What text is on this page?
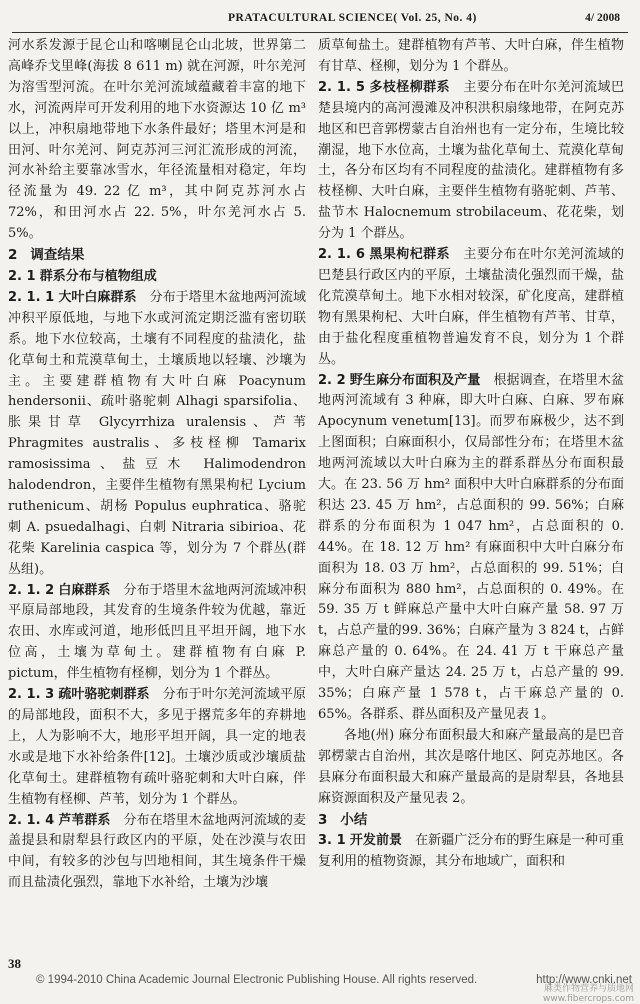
PRATACULTURAL SCIENCE( Vol. 25, No. 4)	4/ 2008

河水系发源于昆仑山和喀喇昆仑山北坡，世界第二高峰乔戈里峰(海拔 8 611 m) 就在河源，叶尔羌河为溶雪型河流。在叶尔羌河流域蕴藏着丰富的地下水，河流两岸可开发利用的地下水资源达 10 亿 m³ 以上，冲积扇地带地下水条件最好；塔里木河是和田河、叶尔羌河、阿克苏河三河汇流形成的河流，河水补给主要靠冰雪水，年径流量相对稳定，年均径流量为 49. 22 亿 m³，其中阿克苏河水占 72%，和田河水占 22. 5%，叶尔羌河水占 5. 5%。

2  调查结果

2. 1 群系分布与植物组成 

2. 1. 1 大叶白麻群系  分布于塔里木盆地两河流域冲积平原低地，与地下水或河流定期泛滥有密切联系。地下水位较高，土壤有不同程度的盐渍化，盐化草甸土和荒漠草甸土，土壤质地以轻壤、沙壤为主。主要建群植物有大叶白麻 Poacynum hendersonii、疏叶骆驼刺 Alhagi sparsifolia、胀果甘草 Glycyrrhiza uralensis、芦苇 Phragmites australis、多枝柽柳 Tamarix ramosissima、盐豆木 Halimodendron halodendron，主要伴生植物有黑果枸杞 Lycium ruthenicum、胡杨 Populus euphratica、骆驼刺 A. psuedalhagi、白刺 Nitraria sibirioa、花花柴 Karelinia caspica 等，划分为 7 个群丛(群丛组)。

2. 1. 2 白麻群系  分布于塔里木盆地两河流域冲积平原局部地段，其发育的生境条件较为优越，靠近农田、水库或河道，地形低凹且平坦开阔，地下水位高，土壤为草甸土。建群植物有白麻 P. pictum，伴生植物有柽柳，划分为 1 个群丛。

2. 1. 3 疏叶骆驼刺群系  分布于叶尔羌河流域平原的局部地段，面积不大，多见于撂荒多年的弃耕地上，人为影响不大，地形平坦开阔，具一定的地表水或是地下水补给条件[12]。土壤沙质或沙壤质盐化草甸土。建群植物有疏叶骆驼刺和大叶白麻，伴生植物有柽柳、芦苇，划分为 1 个群丛。

2. 1. 4 芦苇群系  分布在塔里木盆地两河流域的麦盖提县和尉犁县行政区内的平原，处在沙漠与农田中间，有较多的沙包与凹地相间，其生境条件干燥而且盐渍化强烈，靠地下水补给，土壤为沙壤

质草甸盐土。建群植物有芦苇、大叶白麻，伴生植物有甘草、柽柳，划分为 1 个群丛。

2. 1. 5 多枝柽柳群系  主要分布在叶尔羌河流域巴楚县境内的高河漫滩及冲积洪积扇缘地带，在阿克苏地区和巴音郭楞蒙古自治州也有一定分布，生境比较潮湿，地下水位高，土壤为盐化草甸土、荒漠化草甸土，各分布区均有不同程度的盐渍化。建群植物有多枝柽柳、大叶白麻，主要伴生植物有骆驼刺、芦苇、盐节木 Halocnemum strobilaceum、花花柴，划分为 1 个群丛。

2. 1. 6 黑果枸杞群系  主要分布在叶尔羌河流域的巴楚县行政区内的平原，土壤盐渍化强烈而干燥，盐化荒漠草甸土。地下水相对较深，矿化度高，建群植物有黑果枸杞、大叶白麻，伴生植物有芦苇、甘草，由于盐化程度重植物普遍发育不良，划分为 1 个群丛。

2. 2 野生麻分布面积及产量  根据调查，在塔里木盆地两河流域有 3 种麻，即大叶白麻、白麻、罗布麻 Apocynum venetum[13]。而罗布麻极少，达不到上图面积；白麻面积小，仅局部性分布；在塔里木盆地两河流域以大叶白麻为主的群系群丛分布面积最大。在 23. 56 万 hm² 面积中大叶白麻群系的分布面积达 23. 45 万 hm²，占总面积的 99. 56%；白麻群系的分布面积为 1 047 hm²，占总面积的 0. 44%。在 18. 12 万 hm² 有麻面积中大叶白麻分布面积为 18. 03 万 hm²，占总面积的 99. 51%；白麻分布面积为 880 hm²，占总面积的 0. 49%。在 59. 35 万 t 鲜麻总产量中大叶白麻产量 58. 97 万 t，占总产量的99. 36%；白麻产量为 3 824 t，占鲜麻总产量的 0. 64%。在 24. 41 万 t 干麻总产量中，大叶白麻产量达 24. 25 万 t，占总产量的 99. 35%；白麻产量 1 578 t，占干麻总产量的 0. 65%。各群系、群丛面积及产量见表 1。

各地(州) 麻分布面积最大和麻产量最高的是巴音郭楞蒙古自治州，其次是喀什地区、阿克苏地区。各县麻分布面积最大和麻产量最高的是尉犁县，各地县麻资源面积及产量见表 2。

3  小结

3. 1 开发前景  在新疆广泛分布的野生麻是一种可重复利用的植物资源，其分布地域广，面积和

38
© 1994-2010 China Academic Journal Electronic Publishing House. All rights reserved.	http://www.cnki.net
麻类作物营养与质地网
www.fibercrops.com
